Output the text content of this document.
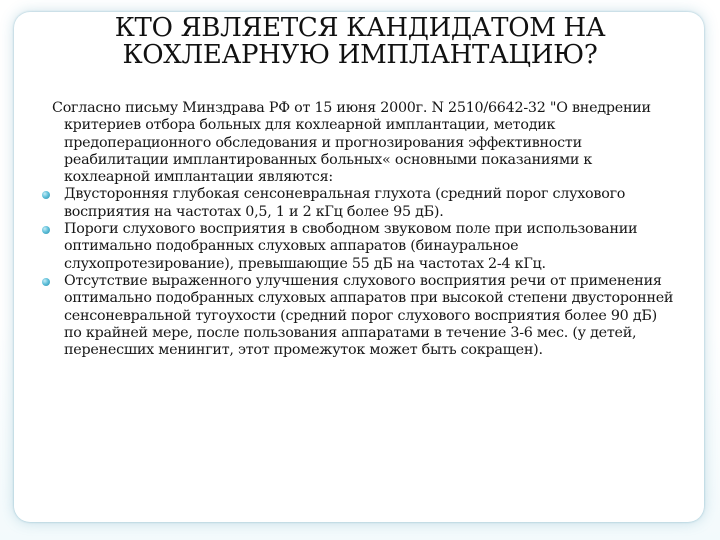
КТО ЯВЛЯЕТСЯ КАНДИДАТОМ НА
КОХЛЕАРНУЮ ИМПЛАНТАЦИЮ?

Согласно письму Минздрава РФ от 15 июня 2000г. N 2510/6642-32 "О внедрении критериев отбора больных для кохлеарной имплантации, методик предоперационного обследования и прогнозирования эффективности реабилитации имплантированных больных« основными показаниями к кохлеарной имплантации являются:

Двусторонняя глубокая сенсоневральная глухота (средний порог слухового восприятия на частотах 0,5, 1 и 2 кГц более 95 дБ).
Пороги слухового восприятия в свободном звуковом поле при использовании оптимально подобранных слуховых аппаратов (бинауральное слухопротезирование), превышающие 55 дБ на частотах 2-4 кГц.
Отсутствие выраженного улучшения слухового восприятия речи от применения оптимально подобранных слуховых аппаратов при высокой степени двусторонней сенсоневральной тугоухости (средний порог слухового восприятия более 90 дБ) по крайней мере, после пользования аппаратами в течение 3-6 мес. (у детей, перенесших менингит, этот промежуток может быть сокращен).
